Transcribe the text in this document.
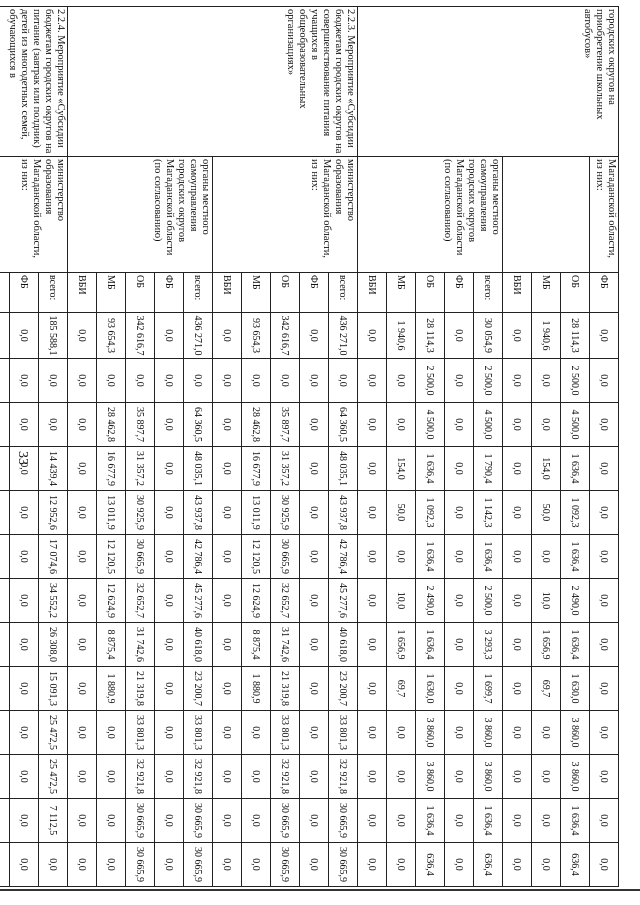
33
городских округов на приобретение школьных автобусов»	Магаданской области, из них:	ФБ	0,0	0,0	0,0	0,0	0,0	0,0	0,0	0,0	0,0	0,0	0,0	0,0	0,0
		ОБ	28 114,3	2 500,0	4 500,0	1 636,4	1 092,3	1 636,4	2 490,0	1 636,4	1 630,0	3 860,0	3 860,0	1 636,4	636,4
		МБ	1 940,6	0,0	0,0	154,0	50,0	0,0	10,0	1 656,9	69,7	0,0	0,0	0,0	0,0
		ВБИ	0,0	0,0	0,0	0,0	0,0	0,0	0,0	0,0	0,0	0,0	0,0	0,0	0,0
	органы местного самоуправления городских округов Магаданской области (по согласованию)	всего:	30 054,9	2 500,0	4 500,0	1 790,4	1 142,3	1 636,4	2 500,0	3 293,3	1 699,7	3 860,0	3 860,0	1 636,4	636,4
		ФБ	0,0	0,0	0,0	0,0	0,0	0,0	0,0	0,0	0,0	0,0	0,0	0,0	0,0
		ОБ	28 114,3	2 500,0	4 500,0	1 636,4	1 092,3	1 636,4	2 490,0	1 636,4	1 630,0	3 860,0	3 860,0	1 636,4	636,4
		МБ	1 940,6	0,0	0,0	154,0	50,0	0,0	10,0	1 656,9	69,7	0,0	0,0	0,0	0,0
		ВБИ	0,0	0,0	0,0	0,0	0,0	0,0	0,0	0,0	0,0	0,0	0,0	0,0	0,0
2.2.3. Мероприятие «Субсидии бюджетам городских округов на совершенствование питания учащихся в общеобразовательных организациях»	министерство образования Магаданской области, из них:	всего:	436 271,0	0,0	64 360,5	48 035,1	43 937,8	42 786,4	45 277,6	40 618,0	23 200,7	33 801,3	32 921,8	30 665,9	30 665,9
		ФБ	0,0	0,0	0,0	0,0	0,0	0,0	0,0	0,0	0,0	0,0	0,0	0,0	0,0
		ОБ	342 616,7	0,0	35 897,7	31 357,2	30 925,9	30 665,9	32 652,7	31 742,6	21 319,8	33 801,3	32 921,8	30 665,9	30 665,9
		МБ	93 654,3	0,0	28 462,8	16 677,9	13 011,9	12 120,5	12 624,9	8 875,4	1 880,9	0,0	0,0	0,0	0,0
		ВБИ	0,0	0,0	0,0	0,0	0,0	0,0	0,0	0,0	0,0	0,0	0,0	0,0	0,0
	органы местного самоуправления городских округов Магаданской области (по согласованию)	всего:	436 271,0	0,0	64 360,5	48 035,1	43 937,8	42 786,4	45 277,6	40 618,0	23 200,7	33 801,3	32 921,8	30 665,9	30 665,9
		ФБ	0,0	0,0	0,0	0,0	0,0	0,0	0,0	0,0	0,0	0,0	0,0	0,0	0,0
		ОБ	342 616,7	0,0	35 897,7	31 357,2	30 925,9	30 665,9	32 652,7	31 742,6	21 319,8	33 801,3	32 921,8	30 665,9	30 665,9
		МБ	93 654,3	0,0	28 462,8	16 677,9	13 011,9	12 120,5	12 624,9	8 875,4	1 880,9	0,0	0,0	0,0	0,0
		ВБИ	0,0	0,0	0,0	0,0	0,0	0,0	0,0	0,0	0,0	0,0	0,0	0,0	0,0
2.2.4. Мероприятие «Субсидии бюджетам городских округов на питание (завтрак или полдник) детей из многодетных семей, обучающихся в	министерство образования Магаданской области, из них:	всего:	185 588,1	0,0	0,0	14 439,4	12 952,6	17 074,6	34 552,2	26 308,0	15 091,3	25 472,5	25 472,5	7 112,5	0,0
		ФБ	0,0	0,0	0,0	0,0	0,0	0,0	0,0	0,0	0,0	0,0	0,0	0,0	0,0
